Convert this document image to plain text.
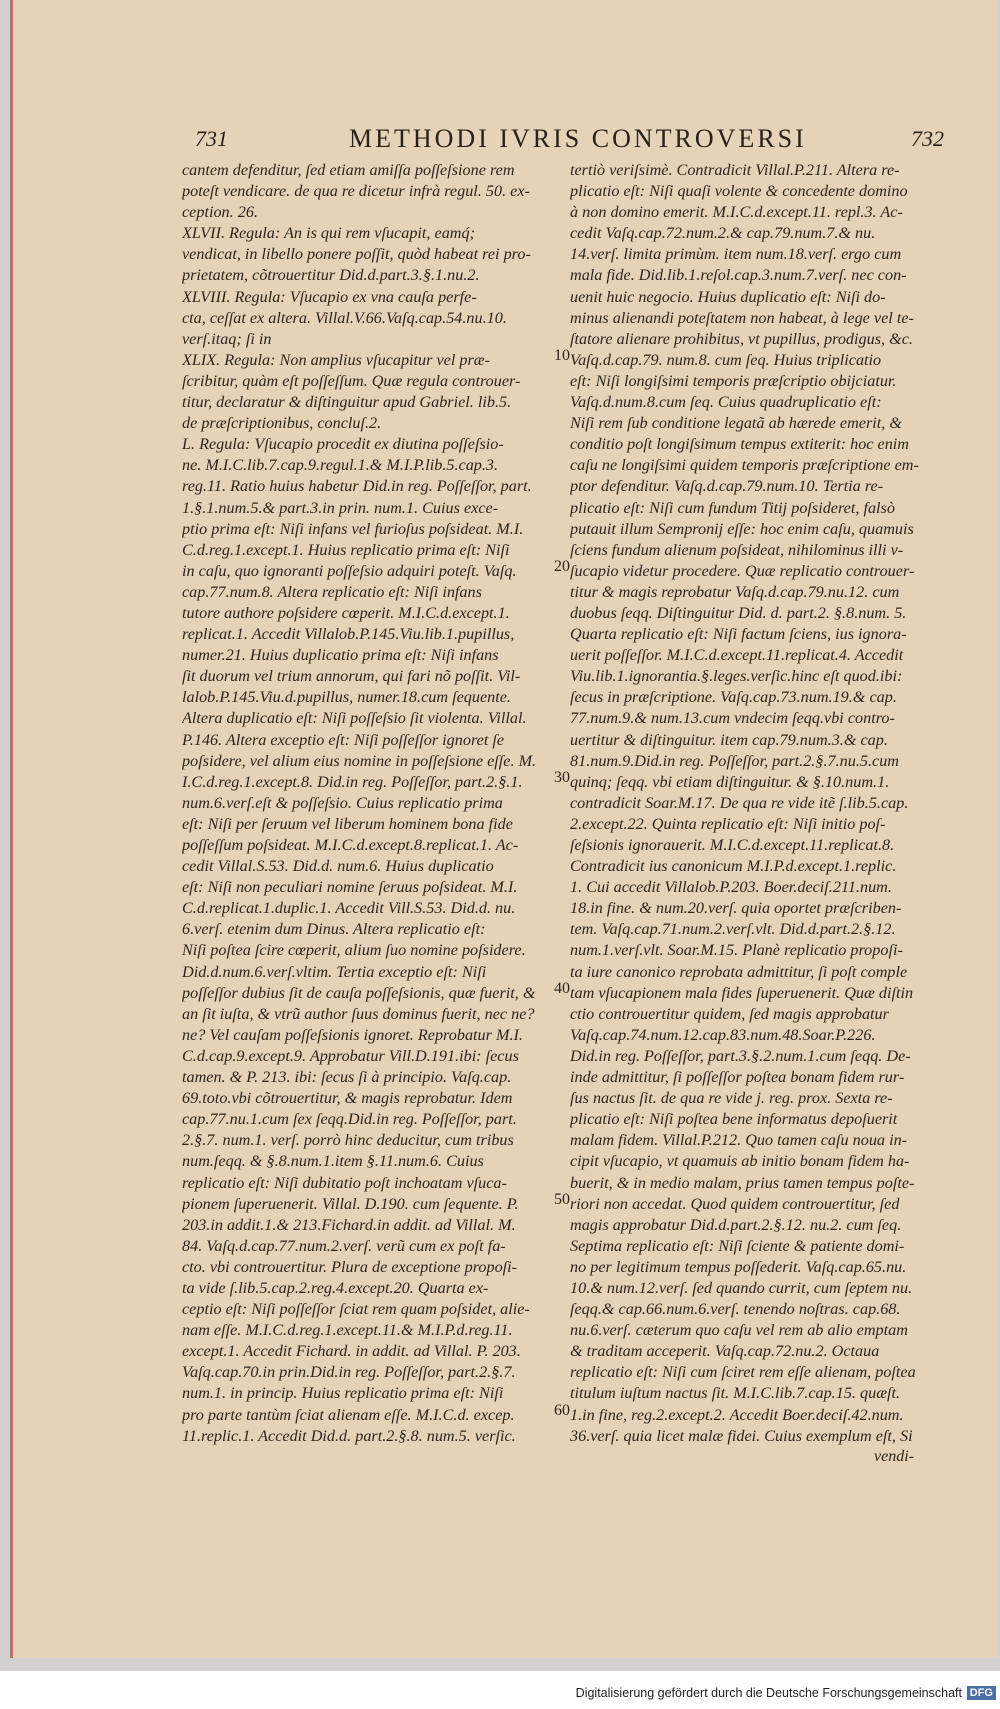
731	METHODI IVRIS CONTROVERSI	732
cantem defenditur, ſed etiam amiſſa poſſeſsione rem
poteſt vendicare. de qua re dicetur infrà regul. 50. ex-
ception. 26.
XLVII. Regula: An is qui rem vſucapit, eamq́;
vendicat, in libello ponere poſſit, quòd habeat rei pro-
prietatem, cõtrouertitur Did.d.part.3.§.1.nu.2.
XLVIII. Regula: Vſucapio ex vna cauſa perfe-
cta, ceſſat ex altera. Villal.V.66.Vaſq.cap.54.nu.10.
verſ.itaq; ſi in
XLIX. Regula: Non amplius vſucapitur vel præ-
ſcribitur, quàm eſt poſſeſſum. Quæ regula controuer-
titur, declaratur & diſtinguitur apud Gabriel. lib.5.
de præſcriptionibus, concluſ.2.
L. Regula: Vſucapio procedit ex diutina poſſeſsio-
ne. M.I.C.lib.7.cap.9.regul.1.& M.I.P.lib.5.cap.3.
reg.11. Ratio huius habetur Did.in reg. Poſſeſſor, part.
1.§.1.num.5.& part.3.in prin. num.1. Cuius exce-
ptio prima eſt: Niſi infans vel furioſus poſsideat. M.I.
C.d.reg.1.except.1. Huius replicatio prima eſt: Niſi
in caſu, quo ignoranti poſſeſsio adquiri poteſt. Vaſq.
cap.77.num.8. Altera replicatio eſt: Niſi infans
tutore authore poſsidere cœperit. M.I.C.d.except.1.
replicat.1. Accedit Villalob.P.145.Viu.lib.1.pupillus,
numer.21. Huius duplicatio prima eſt: Niſi infans
ſit duorum vel trium annorum, qui fari nõ poſſit. Vil-
lalob.P.145.Viu.d.pupillus, numer.18.cum ſequente.
Altera duplicatio eſt: Niſi poſſeſsio ſit violenta. Villal.
P.146. Altera exceptio eſt: Niſi poſſeſſor ignoret ſe
poſsidere, vel alium eius nomine in poſſeſsione eſſe. M.
I.C.d.reg.1.except.8. Did.in reg. Poſſeſſor, part.2.§.1.
num.6.verſ.eſt & poſſeſsio. Cuius replicatio prima
eſt: Niſi per ſeruum vel liberum hominem bona fide
poſſeſſum poſsideat. M.I.C.d.except.8.replicat.1. Ac-
cedit Villal.S.53. Did.d. num.6. Huius duplicatio
eſt: Niſi non peculiari nomine ſeruus poſsideat. M.I.
C.d.replicat.1.duplic.1. Accedit Vill.S.53. Did.d. nu.
6.verſ. etenim dum Dinus. Altera replicatio eſt:
Niſi poſtea ſcire cœperit, alium ſuo nomine poſsidere.
Did.d.num.6.verſ.vltim. Tertia exceptio eſt: Niſi
poſſeſſor dubius ſit de cauſa poſſeſsionis, quæ fuerit, &
an ſit iuſta, & vtrũ author ſuus dominus fuerit, nec ne?
ne? Vel cauſam poſſeſsionis ignoret. Reprobatur M.I.
C.d.cap.9.except.9. Approbatur Vill.D.191.ibi: ſecus
tamen. & P. 213. ibi: ſecus ſi à principio. Vaſq.cap.
69.toto.vbi cõtrouertitur, & magis reprobatur. Idem
cap.77.nu.1.cum ſex ſeqq.Did.in reg. Poſſeſſor, part.
2.§.7. num.1. verſ. porrò hinc deducitur, cum tribus
num.ſeqq. & §.8.num.1.item §.11.num.6. Cuius
replicatio eſt: Niſi dubitatio poſt inchoatam vſuca-
pionem ſuperuenerit. Villal. D.190. cum ſequente. P.
203.in addit.1.& 213.Fichard.in addit. ad Villal. M.
84. Vaſq.d.cap.77.num.2.verſ. verũ cum ex poſt fa-
cto. vbi controuertitur. Plura de exceptione propoſi-
ta vide ſ.lib.5.cap.2.reg.4.except.20. Quarta ex-
ceptio eſt: Niſi poſſeſſor ſciat rem quam poſsidet, alie-
nam eſſe. M.I.C.d.reg.1.except.11.& M.I.P.d.reg.11.
except.1. Accedit Fichard. in addit. ad Villal. P. 203.
Vaſq.cap.70.in prin.Did.in reg. Poſſeſſor, part.2.§.7.
num.1. in princip. Huius replicatio prima eſt: Niſi
pro parte tantùm ſciat alienam eſſe. M.I.C.d. excep.
11.replic.1. Accedit Did.d. part.2.§.8. num.5. verſic.
tertiò veriſsimè. Contradicit Villal.P.211. Altera re-
plicatio eſt: Niſi quaſi volente & concedente domino
à non domino emerit. M.I.C.d.except.11. repl.3. Ac-
cedit Vaſq.cap.72.num.2.& cap.79.num.7.& nu.
14.verſ. limita primùm. item num.18.verſ. ergo cum
mala fide. Did.lib.1.reſol.cap.3.num.7.verſ. nec con-
uenit huic negocio. Huius duplicatio eſt: Niſi do-
minus alienandi poteſtatem non habeat, à lege vel te-
ſtatore alienare prohibitus, vt pupillus, prodigus, &c.
Vaſq.d.cap.79. num.8. cum ſeq. Huius triplicatio
eſt: Niſi longiſsimi temporis præſcriptio obijciatur.
Vaſq.d.num.8.cum ſeq. Cuius quadruplicatio eſt:
Niſi rem ſub conditione legatã ab hærede emerit, &
conditio poſt longiſsimum tempus extiterit: hoc enim
caſu ne longiſsimi quidem temporis præſcriptione em-
ptor defenditur. Vaſq.d.cap.79.num.10. Tertia re-
plicatio eſt: Niſi cum fundum Titij poſsideret, falsò
putauit illum Sempronij eſſe: hoc enim caſu, quamuis
ſciens fundum alienum poſsideat, nihilominus illi v-
ſucapio videtur procedere. Quæ replicatio controuer-
titur & magis reprobatur Vaſq.d.cap.79.nu.12. cum
duobus ſeqq. Diſtinguitur Did. d. part.2. §.8.num. 5.
Quarta replicatio eſt: Niſi factum ſciens, ius ignora-
uerit poſſeſſor. M.I.C.d.except.11.replicat.4. Accedit
Viu.lib.1.ignorantia.§.leges.verſic.hinc eſt quod.ibi:
ſecus in præſcriptione. Vaſq.cap.73.num.19.& cap.
77.num.9.& num.13.cum vndecim ſeqq.vbi contro-
uertitur & diſtinguitur. item cap.79.num.3.& cap.
81.num.9.Did.in reg. Poſſeſſor, part.2.§.7.nu.5.cum
quinq; ſeqq. vbi etiam diſtinguitur. & §.10.num.1.
contradicit Soar.M.17. De qua re vide itẽ ſ.lib.5.cap.
2.except.22. Quinta replicatio eſt: Niſi initio poſ-
ſeſsionis ignorauerit. M.I.C.d.except.11.replicat.8.
Contradicit ius canonicum M.I.P.d.except.1.replic.
1. Cui accedit Villalob.P.203. Boer.deciſ.211.num.
18.in fine. & num.20.verſ. quia oportet præſcriben-
tem. Vaſq.cap.71.num.2.verſ.vlt. Did.d.part.2.§.12.
num.1.verſ.vlt. Soar.M.15. Planè replicatio propoſi-
ta iure canonico reprobata admittitur, ſi poſt comple
tam vſucapionem mala fides ſuperuenerit. Quæ diſtin
ctio controuertitur quidem, ſed magis approbatur
Vaſq.cap.74.num.12.cap.83.num.48.Soar.P.226.
Did.in reg. Poſſeſſor, part.3.§.2.num.1.cum ſeqq. De-
inde admittitur, ſi poſſeſſor poſtea bonam fidem rur-
ſus nactus ſit. de qua re vide j. reg. prox. Sexta re-
plicatio eſt: Niſi poſtea bene informatus depoſuerit
malam fidem. Villal.P.212. Quo tamen caſu noua in-
cipit vſucapio, vt quamuis ab initio bonam fidem ha-
buerit, & in medio malam, prius tamen tempus poſte-
riori non accedat. Quod quidem controuertitur, ſed
magis approbatur Did.d.part.2.§.12. nu.2. cum ſeq.
Septima replicatio eſt: Niſi ſciente & patiente domi-
no per legitimum tempus poſſederit. Vaſq.cap.65.nu.
10.& num.12.verſ. ſed quando currit, cum ſeptem nu.
ſeqq.& cap.66.num.6.verſ. tenendo noſtras. cap.68.
nu.6.verſ. cæterum quo caſu vel rem ab alio emptam
& traditam acceperit. Vaſq.cap.72.nu.2. Octaua
replicatio eſt: Niſi cum ſciret rem eſſe alienam, poſtea
titulum iuſtum nactus ſit. M.I.C.lib.7.cap.15. quæſt.
1.in fine, reg.2.except.2. Accedit Boer.deciſ.42.num.
36.verſ. quia licet malæ fidei. Cuius exemplum eſt, Si
10
20
30
40
50
60
vendi-
Digitalisierung gefördert durch die Deutsche Forschungsgemeinschaft DFG
